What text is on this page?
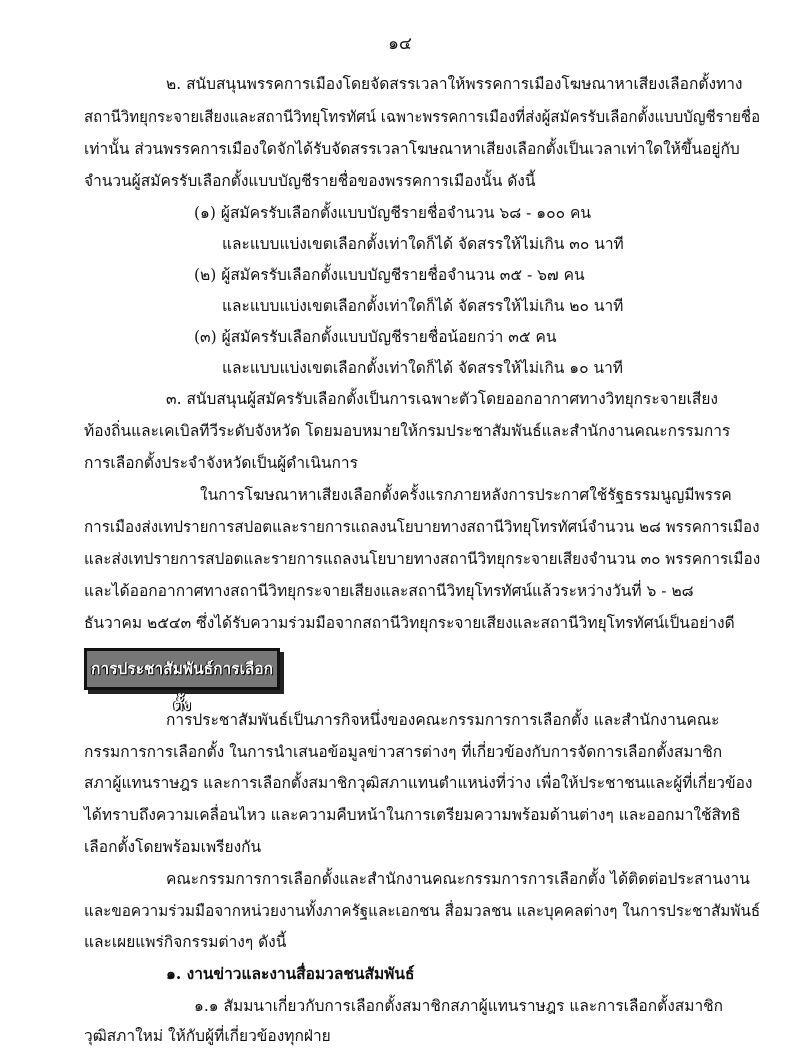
๑๔
๒. สนับสนุนพรรคการเมืองโดยจัดสรรเวลาให้พรรคการเมืองโฆษณาหาเสียงเลือกตั้งทาง
สถานีวิทยุกระจายเสียงและสถานีวิทยุโทรทัศน์ เฉพาะพรรคการเมืองที่ส่งผู้สมัครรับเลือกตั้งแบบบัญชีรายชื่อ
เท่านั้น ส่วนพรรคการเมืองใดจักได้รับจัดสรรเวลาโฆษณาหาเสียงเลือกตั้งเป็นเวลาเท่าใดให้ขึ้นอยู่กับ
จำนวนผู้สมัครรับเลือกตั้งแบบบัญชีรายชื่อของพรรคการเมืองนั้น ดังนี้
(๑) ผู้สมัครรับเลือกตั้งแบบบัญชีรายชื่อจำนวน ๖๘ - ๑๐๐ คน
และแบบแบ่งเขตเลือกตั้งเท่าใดก็ได้ จัดสรรให้ไม่เกิน ๓๐ นาที
(๒) ผู้สมัครรับเลือกตั้งแบบบัญชีรายชื่อจำนวน ๓๕ - ๖๗ คน
และแบบแบ่งเขตเลือกตั้งเท่าใดก็ได้ จัดสรรให้ไม่เกิน ๒๐ นาที
(๓) ผู้สมัครรับเลือกตั้งแบบบัญชีรายชื่อน้อยกว่า ๓๕ คน
และแบบแบ่งเขตเลือกตั้งเท่าใดก็ได้ จัดสรรให้ไม่เกิน ๑๐ นาที
๓. สนับสนุนผู้สมัครรับเลือกตั้งเป็นการเฉพาะตัวโดยออกอากาศทางวิทยุกระจายเสียง
ท้องถิ่นและเคเบิลทีวีระดับจังหวัด โดยมอบหมายให้กรมประชาสัมพันธ์และสำนักงานคณะกรรมการ
การเลือกตั้งประจำจังหวัดเป็นผู้ดำเนินการ
ในการโฆษณาหาเสียงเลือกตั้งครั้งแรกภายหลังการประกาศใช้รัฐธรรมนูญมีพรรค
การเมืองส่งเทปรายการสปอตและรายการแถลงนโยบายทางสถานีวิทยุโทรทัศน์จำนวน ๒๘ พรรคการเมือง
และส่งเทปรายการสปอตและรายการแถลงนโยบายทางสถานีวิทยุกระจายเสียงจำนวน ๓๐ พรรคการเมือง
และได้ออกอากาศทางสถานีวิทยุกระจายเสียงและสถานีวิทยุโทรทัศน์แล้วระหว่างวันที่ ๖ - ๒๘
ธันวาคม ๒๕๔๓ ซึ่งได้รับความร่วมมือจากสถานีวิทยุกระจายเสียงและสถานีวิทยุโทรทัศน์เป็นอย่างดี
การประชาสัมพันธ์การเลือกตั้ง
การประชาสัมพันธ์เป็นภารกิจหนึ่งของคณะกรรมการการเลือกตั้ง และสำนักงานคณะ
กรรมการการเลือกตั้ง ในการนำเสนอข้อมูลข่าวสารต่างๆ ที่เกี่ยวข้องกับการจัดการเลือกตั้งสมาชิก
สภาผู้แทนราษฎร และการเลือกตั้งสมาชิกวุฒิสภาแทนตำแหน่งที่ว่าง เพื่อให้ประชาชนและผู้ที่เกี่ยวข้อง
ได้ทราบถึงความเคลื่อนไหว และความคืบหน้าในการเตรียมความพร้อมด้านต่างๆ และออกมาใช้สิทธิ
เลือกตั้งโดยพร้อมเพรียงกัน
คณะกรรมการการเลือกตั้งและสำนักงานคณะกรรมการการเลือกตั้ง ได้ติดต่อประสานงาน
และขอความร่วมมือจากหน่วยงานทั้งภาครัฐและเอกชน สื่อมวลชน และบุคคลต่างๆ ในการประชาสัมพันธ์
และเผยแพร่กิจกรรมต่างๆ ดังนี้
๑. งานข่าวและงานสื่อมวลชนสัมพันธ์
๑.๑ สัมมนาเกี่ยวกับการเลือกตั้งสมาชิกสภาผู้แทนราษฎร และการเลือกตั้งสมาชิก
วุฒิสภาใหม่ ให้กับผู้ที่เกี่ยวข้องทุกฝ่าย
